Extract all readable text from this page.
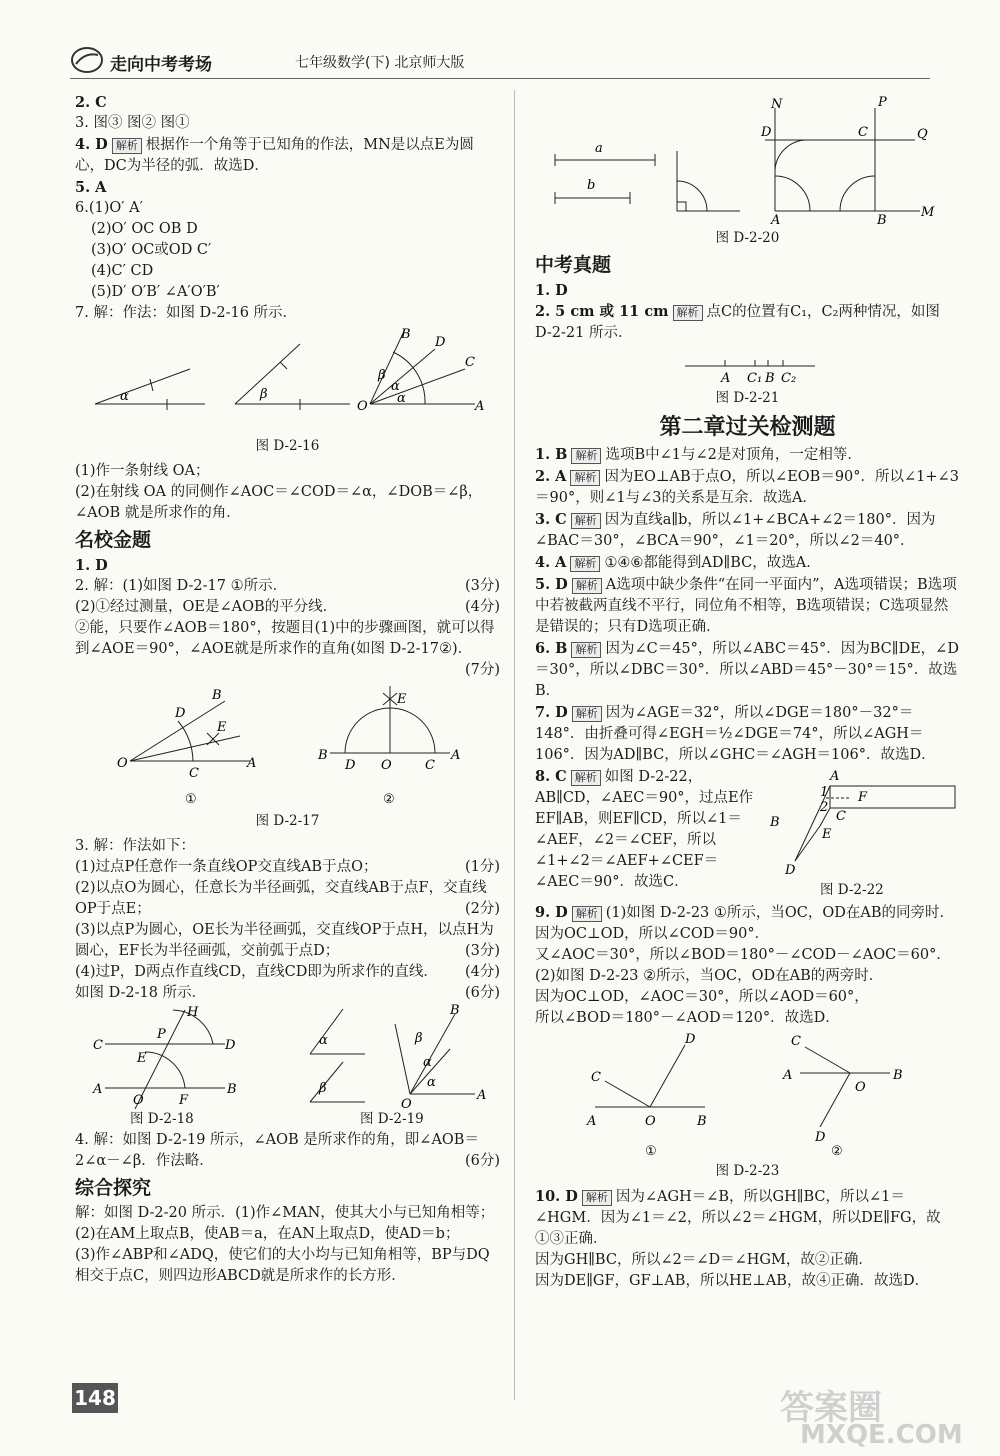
走向中考考场	七年级数学(下) 北京师大版

2. C

3. 图③ 图② 图①

4. D 解析 根据作一个角等于已知角的作法，MN是以点E为圆心，DC为半径的弧．故选D．

5. A

6.(1)O′ A′

(2)O′ OC OB D

(3)O′ OC或OD C′

(4)C′ CD

(5)D′ O′B′ ∠A′O′B′

7. 解：作法：如图 D-2-16 所示．

α	β
B
D
C
O	A
β
α
α

图 D-2-16

(1)作一条射线 OA；

(2)在射线 OA 的同侧作∠AOC＝∠COD＝∠α，∠DOB＝∠β，∠AOB 就是所求作的角．

名校金题

1. D

2. 解：(1)如图 D-2-17 ①所示．	(3分)

(2)①经过测量，OE是∠AOB的平分线．	(4分)

②能，只要作∠AOB＝180°，按题目(1)中的步骤画图，就可以得到∠AOE＝90°，∠AOE就是所求作的直角(如图 D-2-17②)．
(7分)

B
D
E
O
C
A
①
E
B
D O	C
A
②

图 D-2-17

3. 解：作法如下：

(1)过点P任意作一条直线OP交直线AB于点O；	(1分)

(2)以点O为圆心，任意长为半径画弧，交直线AB于点F，交直线OP于点E；	(2分)

(3)以点P为圆心，OE长为半径画弧，交直线OP于点H，以点H为圆心，EF长为半径画弧，交前弧于点D；	(3分)

(4)过P，D两点作直线CD，直线CD即为所求作的直线． (4分)

如图 D-2-18 所示．	(6分)

H
P
C	D
E
A
O	F
B
α
β
B
β
α
α
O
A
图 D-2-18	图 D-2-19

4. 解：如图 D-2-19 所示，∠AOB 是所求作的角，即∠AOB＝2∠α－∠β．作法略．	(6分)

综合探究

解：如图 D-2-20 所示．(1)作∠MAN，使其大小与已知角相等；

(2)在AM上取点B，使AB＝a，在AN上取点D，使AD＝b；

(3)作∠ABP和∠ADQ，使它们的大小均与已知角相等，BP与DQ相交于点C，则四边形ABCD就是所求作的长方形．

a
b
N	P
D	C	Q
A	B
M

图 D-2-20

中考真题

1. D

2. 5 cm 或 11 cm 解析 点C的位置有C₁，C₂两种情况，如图 D-2-21 所示．

A C₁ B C₂

图 D-2-21

第二章过关检测题

1. B 解析 选项B中∠1与∠2是对顶角，一定相等．

2. A 解析 因为EO⊥AB于点O，所以∠EOB＝90°．所以∠1+∠3＝90°，则∠1与∠3的关系是互余．故选A．

3. C 解析 因为直线a∥b，所以∠1+∠BCA+∠2＝180°．因为∠BAC＝30°，∠BCA＝90°，∠1＝20°，所以∠2＝40°．

4. A 解析 ①④⑥都能得到AD∥BC，故选A．

5. D 解析 A选项中缺少条件“在同一平面内”，A选项错误；B选项中若被截两直线不平行，同位角不相等，B选项错误；C选项显然是错误的；只有D选项正确．

6. B 解析 因为∠C＝45°，所以∠ABC＝45°．因为BC∥DE，∠D＝30°，所以∠DBC＝30°．所以∠ABD＝45°－30°＝15°．故选B．

7. D 解析 因为∠AGE＝32°，所以∠DGE＝180°－32°＝148°．由折叠可得∠EGH＝½∠DGE＝74°，所以∠AGH＝106°．因为AD∥BC，所以∠GHC＝∠AGH＝106°．故选D．

8. C 解析 如图 D-2-22，AB∥CD，∠AEC＝90°，过点E作EF∥AB，则EF∥CD，所以∠1＝∠AEF，∠2＝∠CEF，所以∠1+∠2＝∠AEF+∠CEF＝∠AEC＝90°．故选C．

A
1 F
2
C
B
E
D
图 D-2-22

9. D 解析 (1)如图 D-2-23 ①所示，当OC，OD在AB的同旁时．因为OC⊥OD，所以∠COD＝90°．

又∠AOC＝30°，所以∠BOD＝180°－∠COD－∠AOC＝60°．

(2)如图 D-2-23 ②所示，当OC，OD在AB的两旁时．

因为OC⊥OD，∠AOC＝30°，所以∠AOD＝60°，

所以∠BOD＝180°－∠AOD＝120°．故选D．

D
C
A	O	B
①
C
A
O
B
D
②

图 D-2-23

10. D 解析 因为∠AGH＝∠B，所以GH∥BC，所以∠1＝∠HGM．因为∠1＝∠2，所以∠2＝∠HGM，所以DE∥FG，故①③正确．

因为GH∥BC，所以∠2＝∠D＝∠HGM，故②正确．

因为DE∥GF，GF⊥AB，所以HE⊥AB，故④正确．故选D．

148	答案圈
MXQE.COM
